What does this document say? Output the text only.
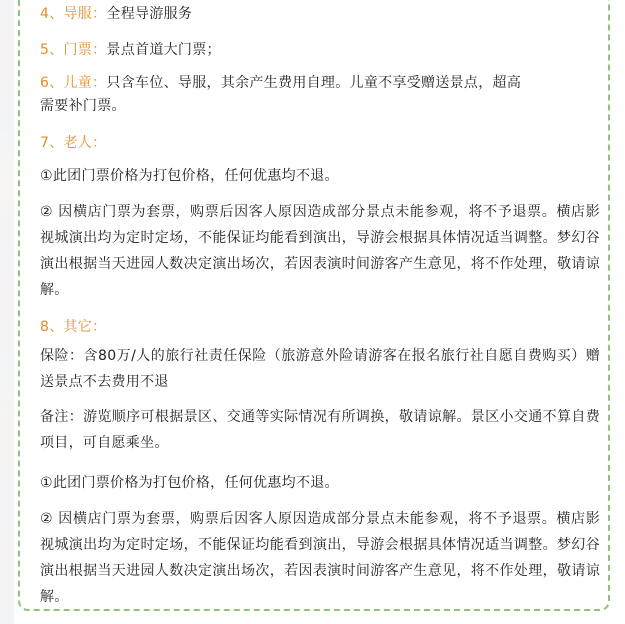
4、导服：全程导游服务
5、门票：景点首道大门票；
6、儿童：只含车位、导服，其余产生费用自理。儿童不享受赠送景点，超高
需要补门票。
7、老人：
①此团门票价格为打包价格，任何优惠均不退。
② 因横店门票为套票，购票后因客人原因造成部分景点未能参观，将不予退票。横店影视城演出均为定时定场，不能保证均能看到演出，导游会根据具体情况适当调整。梦幻谷演出根据当天进园人数决定演出场次，若因表演时间游客产生意见，将不作处理，敬请谅解。
8、其它：
保险：含80万/人的旅行社责任保险（旅游意外险请游客在报名旅行社自愿自费购买）赠送景点不去费用不退
备注：游览顺序可根据景区、交通等实际情况有所调换，敬请谅解。景区小交通不算自费项目，可自愿乘坐。
①此团门票价格为打包价格，任何优惠均不退。
② 因横店门票为套票，购票后因客人原因造成部分景点未能参观，将不予退票。横店影视城演出均为定时定场，不能保证均能看到演出，导游会根据具体情况适当调整。梦幻谷演出根据当天进园人数决定演出场次，若因表演时间游客产生意见，将不作处理，敬请谅解。
